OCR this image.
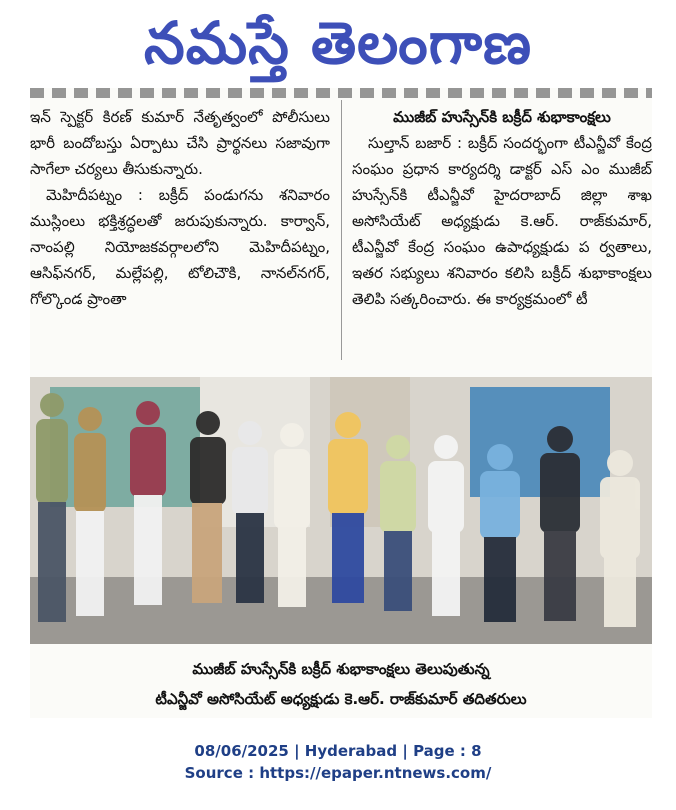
నమస్తే తెలంగాణ

ఇన్ స్పెక్టర్ కిరణ్ కుమార్ నేతృత్వంలో పోలీసులు భారీ బందోబస్తు ఏర్పాటు చేసి ప్రార్థనలు సజావుగా సాగేలా చర్యలు తీసుకున్నారు.

మెహిదీపట్నం : బక్రీద్ పండుగను శనివారం ముస్లింలు భక్తిశ్రద్ధలతో జరుపుకున్నారు. కార్వాన్, నాంపల్లి నియోజకవర్గాలలోని మెహిదీపట్నం, ఆసిఫ్‌నగర్, మల్లేపల్లి, టోలిచౌకి, నానల్‌నగర్, గోల్కొండ ప్రాంతా

ముజీబ్ హుస్సేన్‌కి బక్రీద్ శుభాకాంక్షలు

సుల్తాన్ బజార్ : బక్రీద్ సందర్భంగా టీఎన్జీవో కేంద్ర సంఘం ప్రధాన కార్యదర్శి డాక్టర్ ఎస్ ఎం ముజీబ్ హుస్సేన్‌కి టీఎన్జీవో హైదరాబాద్ జిల్లా శాఖ అసోసియేట్ అధ్యక్షుడు కె.ఆర్. రాజ్‌కుమార్, టీఎన్జీవో కేంద్ర సంఘం ఉపాధ్యక్షుడు ప ర్వతాలు, ఇతర సభ్యులు శనివారం కలిసి బక్రీద్ శుభాకాంక్షలు తెలిపి సత్కరించారు. ఈ కార్యక్రమంలో టీ

ముజీబ్ హుస్సేన్‌కి బక్రీద్ శుభాకాంక్షలు తెలుపుతున్న
టీఎన్జీవో అసోసియేట్ అధ్యక్షుడు కె.ఆర్. రాజ్‌కుమార్ తదితరులు
08/06/2025 | Hyderabad | Page : 8
Source : https://epaper.ntnews.com/
